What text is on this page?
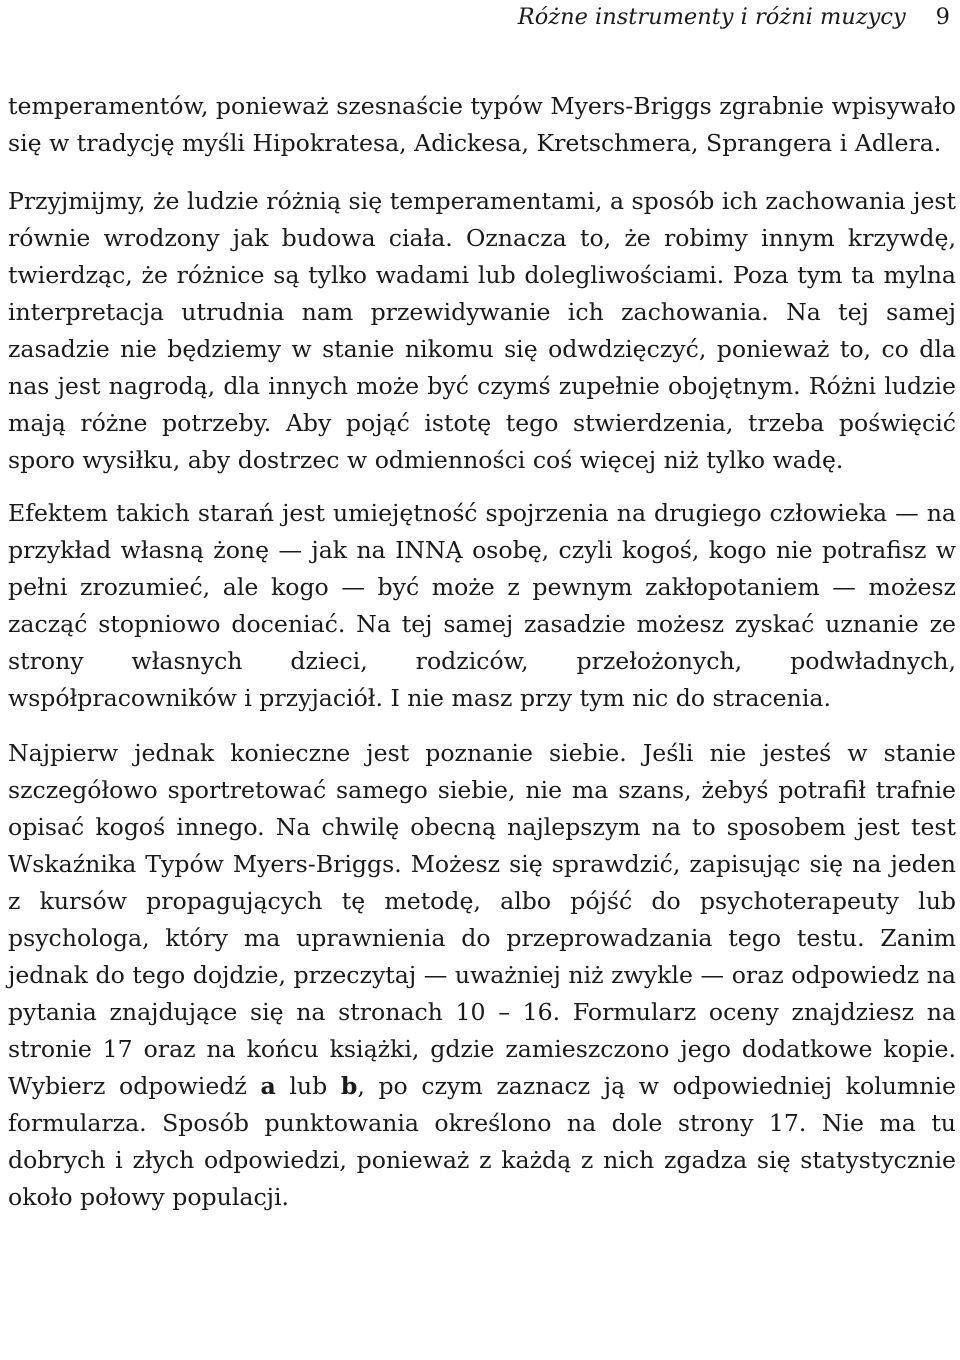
Różne instrumenty i różni muzycy 9

temperamentów, ponieważ szesnaście typów Myers-Briggs zgrabnie wpisywało się w tradycję myśli Hipokratesa, Adickesa, Kretschmera, Sprangera i Adlera.

Przyjmijmy, że ludzie różnią się temperamentami, a sposób ich zachowania jest równie wrodzony jak budowa ciała. Oznacza to, że robimy innym krzywdę, twierdząc, że różnice są tylko wadami lub dolegliwościami. Poza tym ta mylna interpretacja utrudnia nam przewidywanie ich zachowania. Na tej samej zasadzie nie będziemy w stanie nikomu się odwdzięczyć, ponieważ to, co dla nas jest nagrodą, dla innych może być czymś zupełnie obojętnym. Różni ludzie mają różne potrzeby. Aby pojąć istotę tego stwierdzenia, trzeba poświęcić sporo wysiłku, aby dostrzec w odmienności coś więcej niż tylko wadę.

Efektem takich starań jest umiejętność spojrzenia na drugiego człowieka — na przykład własną żonę — jak na INNĄ osobę, czyli kogoś, kogo nie potrafisz w pełni zrozumieć, ale kogo — być może z pewnym zakłopotaniem — możesz zacząć stopniowo doceniać. Na tej samej zasadzie możesz zyskać uznanie ze strony własnych dzieci, rodziców, przełożonych, podwładnych, współpracowników i przyjaciół. I nie masz przy tym nic do stracenia.

Najpierw jednak konieczne jest poznanie siebie. Jeśli nie jesteś w stanie szczegółowo sportretować samego siebie, nie ma szans, żebyś potrafił trafnie opisać kogoś innego. Na chwilę obecną najlepszym na to sposobem jest test Wskaźnika Typów Myers-Briggs. Możesz się sprawdzić, zapisując się na jeden z kursów propagujących tę metodę, albo pójść do psychoterapeuty lub psychologa, który ma uprawnienia do przeprowadzania tego testu. Zanim jednak do tego dojdzie, przeczytaj — uważniej niż zwykle — oraz odpowiedz na pytania znajdujące się na stronach 10 – 16. Formularz oceny znajdziesz na stronie 17 oraz na końcu książki, gdzie zamieszczono jego dodatkowe kopie. Wybierz odpowiedź a lub b, po czym zaznacz ją w odpowiedniej kolumnie formularza. Sposób punktowania określono na dole strony 17. Nie ma tu dobrych i złych odpowiedzi, ponieważ z każdą z nich zgadza się statystycznie około połowy populacji.
